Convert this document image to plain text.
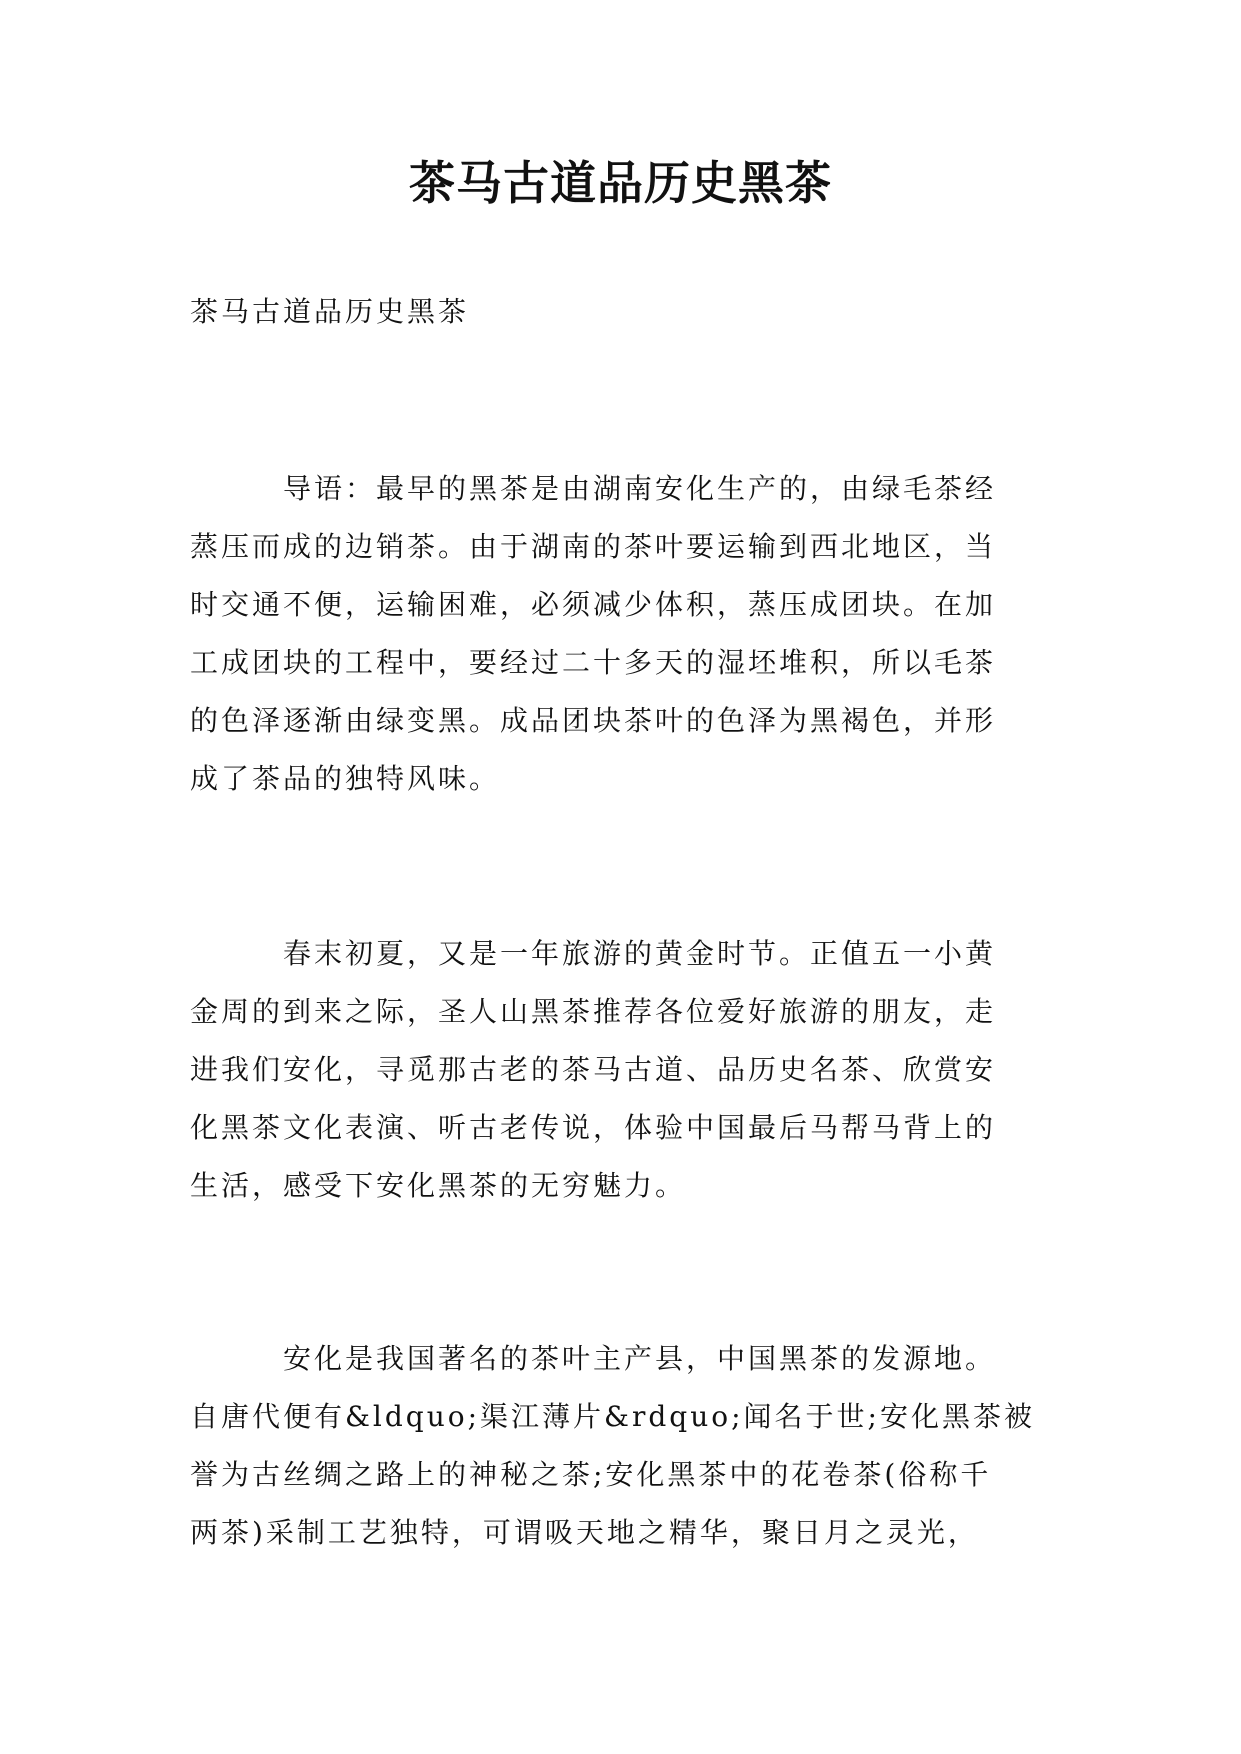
茶马古道品历史黑茶

茶马古道品历史黑茶

　　　导语：最早的黑茶是由湖南安化生产的，由绿毛茶经
蒸压而成的边销茶。由于湖南的茶叶要运输到西北地区，当
时交通不便，运输困难，必须减少体积，蒸压成团块。在加
工成团块的工程中，要经过二十多天的湿坯堆积，所以毛茶
的色泽逐渐由绿变黑。成品团块茶叶的色泽为黑褐色，并形
成了茶品的独特风味。

　　　春末初夏，又是一年旅游的黄金时节。正值五一小黄
金周的到来之际，圣人山黑茶推荐各位爱好旅游的朋友，走
进我们安化，寻觅那古老的茶马古道、品历史名茶、欣赏安
化黑茶文化表演、听古老传说，体验中国最后马帮马背上的
生活，感受下安化黑茶的无穷魅力。

　　　安化是我国著名的茶叶主产县，中国黑茶的发源地。
自唐代便有&ldquo;渠江薄片&rdquo;闻名于世;安化黑茶被
誉为古丝绸之路上的神秘之茶;安化黑茶中的花卷茶(俗称千
两茶)采制工艺独特，可谓吸天地之精华，聚日月之灵光，
